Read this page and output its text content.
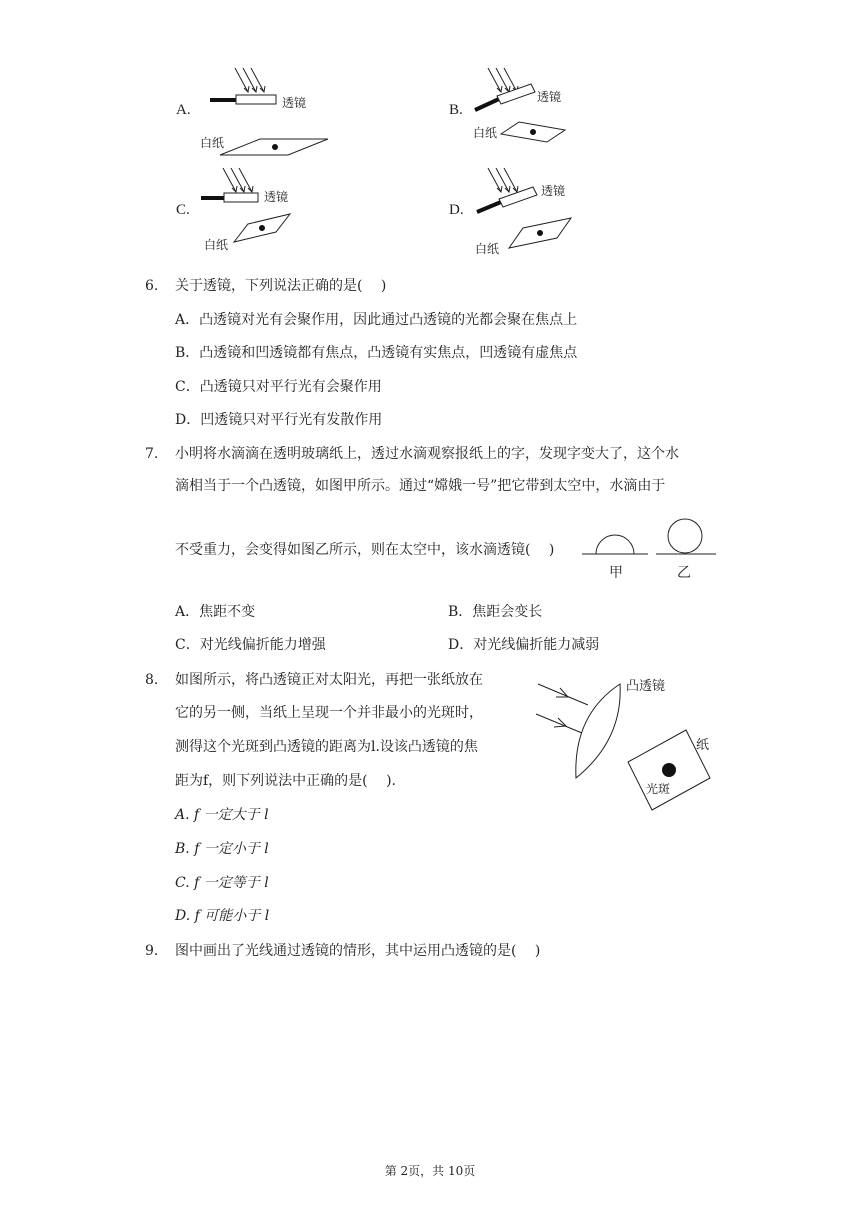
A.	透镜
白纸
B.
透镜
白纸
C.
透镜
白纸
D.
透镜
白纸
6. 关于透镜，下列说法正确的是(　 )
A．凸透镜对光有会聚作用，因此通过凸透镜的光都会聚在焦点上
B．凸透镜和凹透镜都有焦点，凸透镜有实焦点，凹透镜有虚焦点
C．凸透镜只对平行光有会聚作用
D．凹透镜只对平行光有发散作用
7. 小明将水滴滴在透明玻璃纸上，透过水滴观察报纸上的字，发现字变大了，这个水
滴相当于一个凸透镜，如图甲所示。通过“嫦娥一号”把它带到太空中，水滴由于
不受重力，会变得如图乙所示，则在太空中，该水滴透镜(　 )
甲	乙
A．焦距不变	B．焦距会变长
C．对光线偏折能力增强	D．对光线偏折能力减弱
8. 如图所示，将凸透镜正对太阳光，再把一张纸放在
它的另一侧，当纸上呈现一个并非最小的光斑时，
测得这个光斑到凸透镜的距离为l.设该凸透镜的焦
距为f，则下列说法中正确的是(　 ).
凸透镜
纸
光斑
A. f 一定大于 l
B. f 一定小于 l
C. f 一定等于 l
D. f 可能小于 l
9. 图中画出了光线通过透镜的情形，其中运用凸透镜的是(　 )
第 2页，共 10页
